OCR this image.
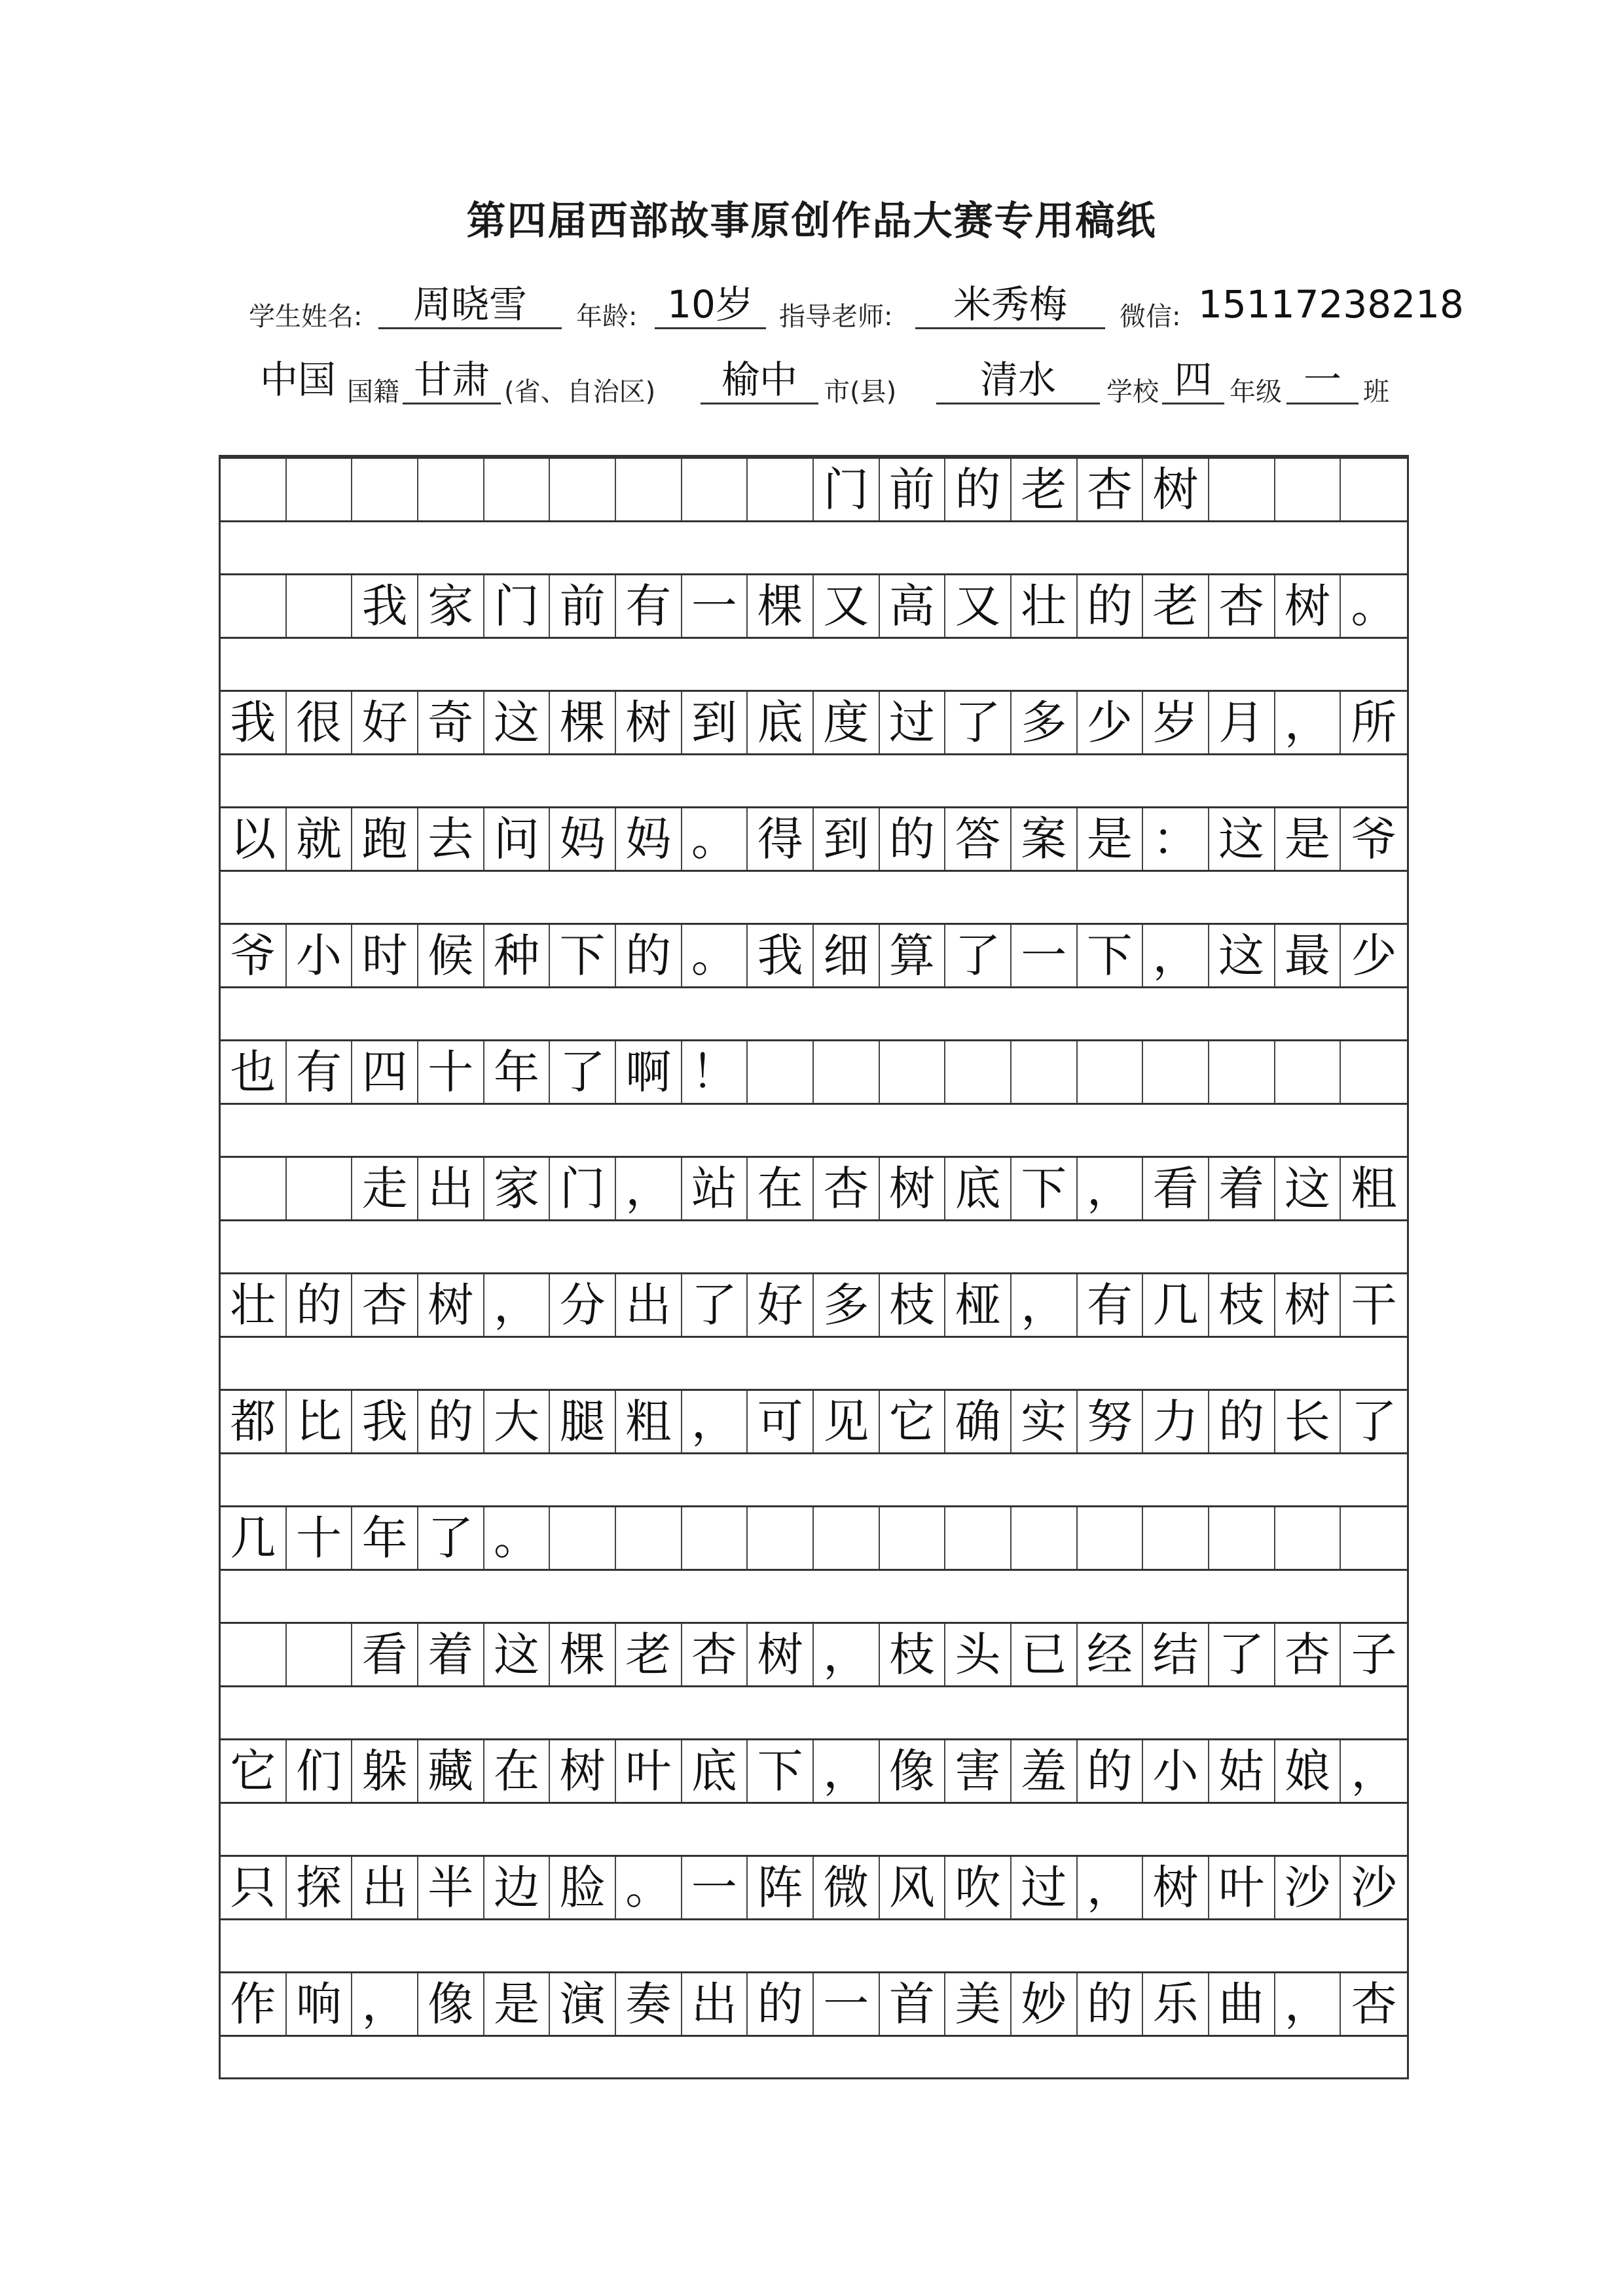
第四届西部故事原创作品大赛专用稿纸
学生姓名:	周晓雪	年龄: 10岁 指导老师:	米秀梅	微信: 15117238218
中国 国籍 甘肃 (省、自治区)	榆中	市(县)	清水	学校 四 年级 一 班
门 前 的 老 杏 树
我 家 门 前 有 一 棵 又 高 又 壮 的 老 杏 树 。
我 很 好 奇 这 棵 树 到 底 度 过 了 多 少 岁 月 ， 所
以 就 跑 去 问 妈 妈 。 得 到 的 答 案 是 ： 这 是 爷
爷 小 时 候 种 下 的 。 我 细 算 了 一 下 ， 这 最 少
也 有 四 十 年 了 啊 ！
走 出 家 门 ， 站 在 杏 树 底 下 ， 看 着 这 粗
壮 的 杏 树 ， 分 出 了 好 多 枝 桠 ， 有 几 枝 树 干
都 比 我 的 大 腿 粗 ， 可 见 它 确 实 努 力 的 长 了
几 十 年 了 。
看 着 这 棵 老 杏 树 ， 枝 头 已 经 结 了 杏 子
它 们 躲 藏 在 树 叶 底 下 ， 像 害 羞 的 小 姑 娘 ，
只 探 出 半 边 脸 。 一 阵 微 风 吹 过 ， 树 叶 沙 沙
作 响 ， 像 是 演 奏 出 的 一 首 美 妙 的 乐 曲 ， 杏
